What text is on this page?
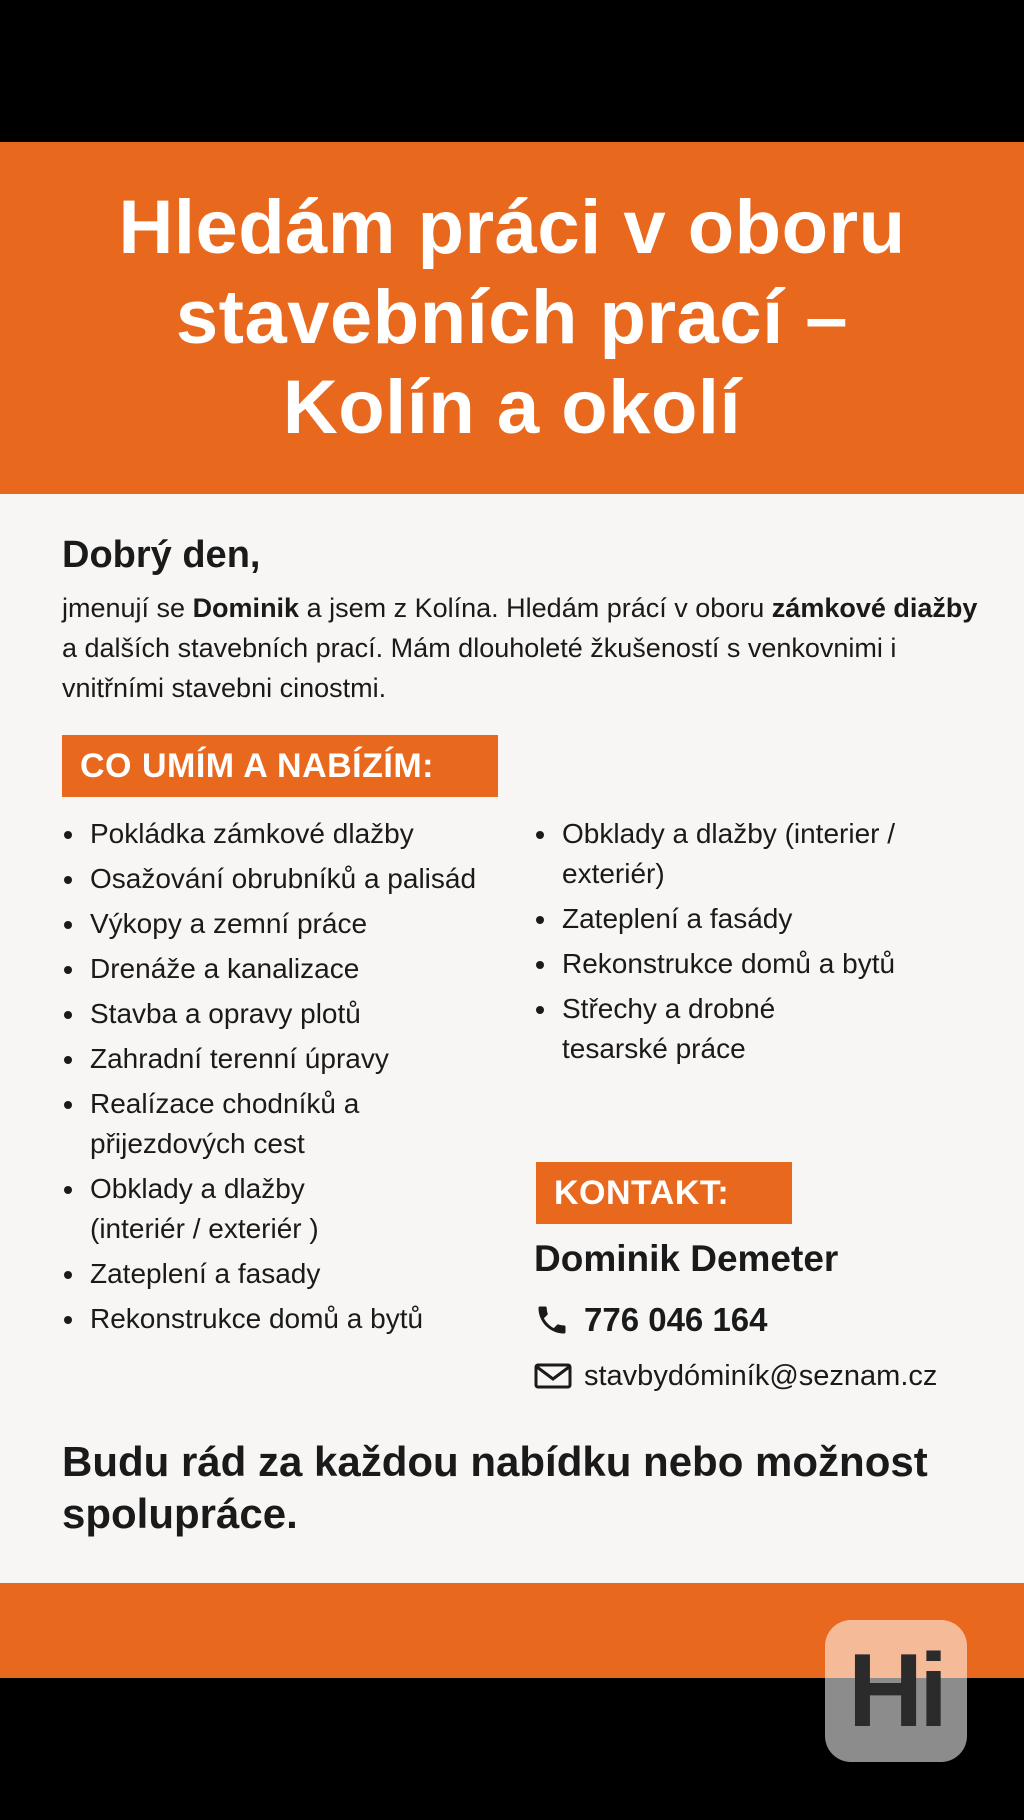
Hledám práci v oboru
stavebních prací –
Kolín a okolí

Dobrý den,

jmenují se Dominik a jsem z Kolína. Hledám prácí v oboru zámkové diažby a dalších stavebních prací. Mám dlouholeté žkušeností s venkovnimi i vnitřními stavebni cinostmi.

CO UMÍM A NABÍZÍM:
Pokládka zámkové dlažby
Osažování obrubníků a palisád
Výkopy a zemní práce
Drenáže a kanalizace
Stavba a opravy plotů
Zahradní terenní úpravy
Realízace chodníků a přijezdových cest
Obklady a dlažby (interiér / exteriér )
Zateplení a fasady
Rekonstrukce domů a bytů
Obklady a dlažby (interier / exteriér)
Zateplení a fasády
Rekonstrukce domů a bytů
Střechy a drobné tesarské práce
KONTAKT:

Dominik Demeter

776 046 164
stavbydóminík@seznam.cz

Budu rád za každou nabídku nebo možnost spolupráce.

Hi
